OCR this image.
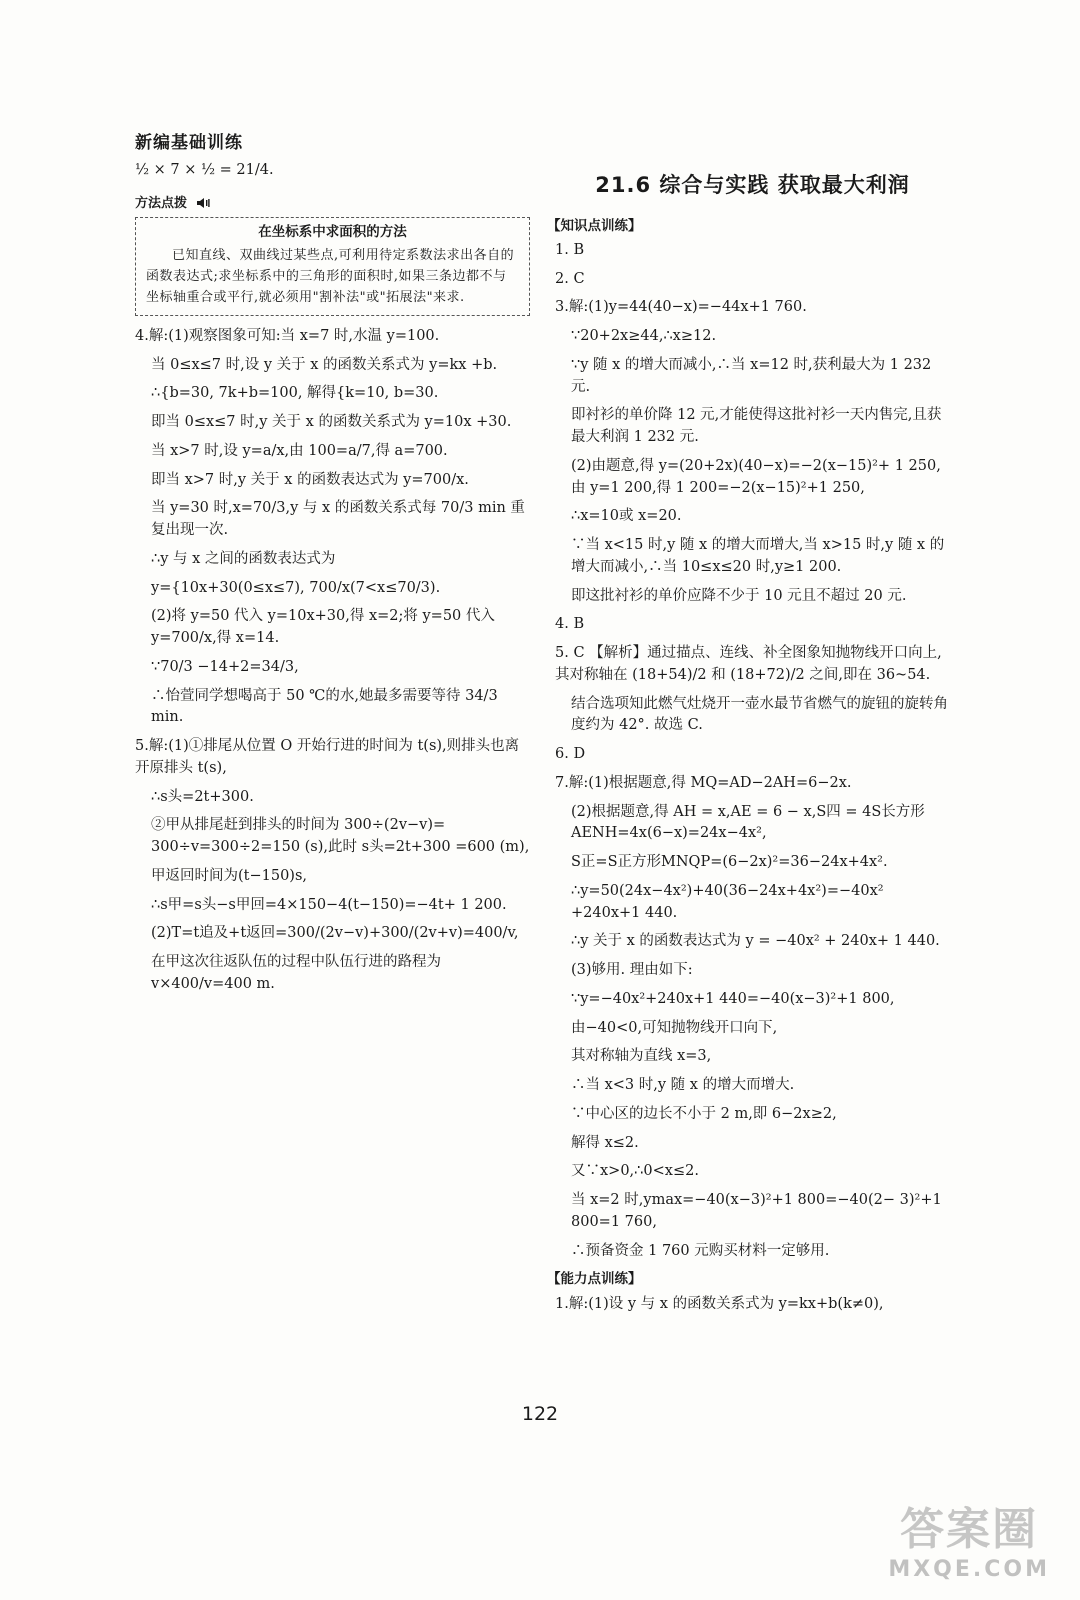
新编基础训练

½ × 7 × ½ = 21/4.

方法点拨
在坐标系中求面积的方法
已知直线、双曲线过某些点,可利用待定系数法求出各自的函数表达式;求坐标系中的三角形的面积时,如果三条边都不与坐标轴重合或平行,就必须用"割补法"或"拓展法"来求.

4.解:(1)观察图象可知:当 x=7 时,水温 y=100.

当 0≤x≤7 时,设 y 关于 x 的函数关系式为 y=kx +b.

∴{b=30, 7k+b=100, 解得{k=10, b=30.

即当 0≤x≤7 时,y 关于 x 的函数关系式为 y=10x +30.

当 x>7 时,设 y=a/x,由 100=a/7,得 a=700.

即当 x>7 时,y 关于 x 的函数表达式为 y=700/x.

当 y=30 时,x=70/3,y 与 x 的函数关系式每 70/3 min 重复出现一次.

∴y 与 x 之间的函数表达式为

y={10x+30(0≤x≤7), 700/x(7<x≤70/3).

(2)将 y=50 代入 y=10x+30,得 x=2;将 y=50 代入 y=700/x,得 x=14.

∵70/3 −14+2=34/3,

∴怡萱同学想喝高于 50 ℃的水,她最多需要等待 34/3 min.

5.解:(1)①排尾从位置 O 开始行进的时间为 t(s),则排头也离开原排头 t(s),

∴s头=2t+300.

②甲从排尾赶到排头的时间为 300÷(2v−v)= 300÷v=300÷2=150 (s),此时 s头=2t+300 =600 (m),

甲返回时间为(t−150)s,

∴s甲=s头−s甲回=4×150−4(t−150)=−4t+ 1 200.

(2)T=t追及+t返回=300/(2v−v)+300/(2v+v)=400/v,

在甲这次往返队伍的过程中队伍行进的路程为 v×400/v=400 m.

21.6 综合与实践 获取最大利润
【知识点训练】

1. B

2. C

3.解:(1)y=44(40−x)=−44x+1 760.

∵20+2x≥44,∴x≥12.

∵y 随 x 的增大而减小,∴当 x=12 时,获利最大为 1 232元.

即衬衫的单价降 12 元,才能使得这批衬衫一天内售完,且获最大利润 1 232 元.

(2)由题意,得 y=(20+2x)(40−x)=−2(x−15)²+ 1 250,由 y=1 200,得 1 200=−2(x−15)²+1 250,

∴x=10或 x=20.

∵当 x<15 时,y 随 x 的增大而增大,当 x>15 时,y 随 x 的增大而减小,∴当 10≤x≤20 时,y≥1 200.

即这批衬衫的单价应降不少于 10 元且不超过 20 元.

4. B

5. C 【解析】通过描点、连线、补全图象知抛物线开口向上,其对称轴在 (18+54)/2 和 (18+72)/2 之间,即在 36~54.

结合选项知此燃气灶烧开一壶水最节省燃气的旋钮的旋转角度约为 42°. 故选 C.

6. D

7.解:(1)根据题意,得 MQ=AD−2AH=6−2x.

(2)根据题意,得 AH = x,AE = 6 − x,S四 = 4S长方形AENH=4x(6−x)=24x−4x²,

S正=S正方形MNQP=(6−2x)²=36−24x+4x².

∴y=50(24x−4x²)+40(36−24x+4x²)=−40x² +240x+1 440.

∴y 关于 x 的函数表达式为 y = −40x² + 240x+ 1 440.

(3)够用. 理由如下:

∵y=−40x²+240x+1 440=−40(x−3)²+1 800,

由−40<0,可知抛物线开口向下,

其对称轴为直线 x=3,

∴当 x<3 时,y 随 x 的增大而增大.

∵中心区的边长不小于 2 m,即 6−2x≥2,

解得 x≤2.

又∵x>0,∴0<x≤2.

当 x=2 时,ymax=−40(x−3)²+1 800=−40(2− 3)²+1 800=1 760,

∴预备资金 1 760 元购买材料一定够用.

【能力点训练】

1.解:(1)设 y 与 x 的函数关系式为 y=kx+b(k≠0),

122
答案圈
MXQE.COM
